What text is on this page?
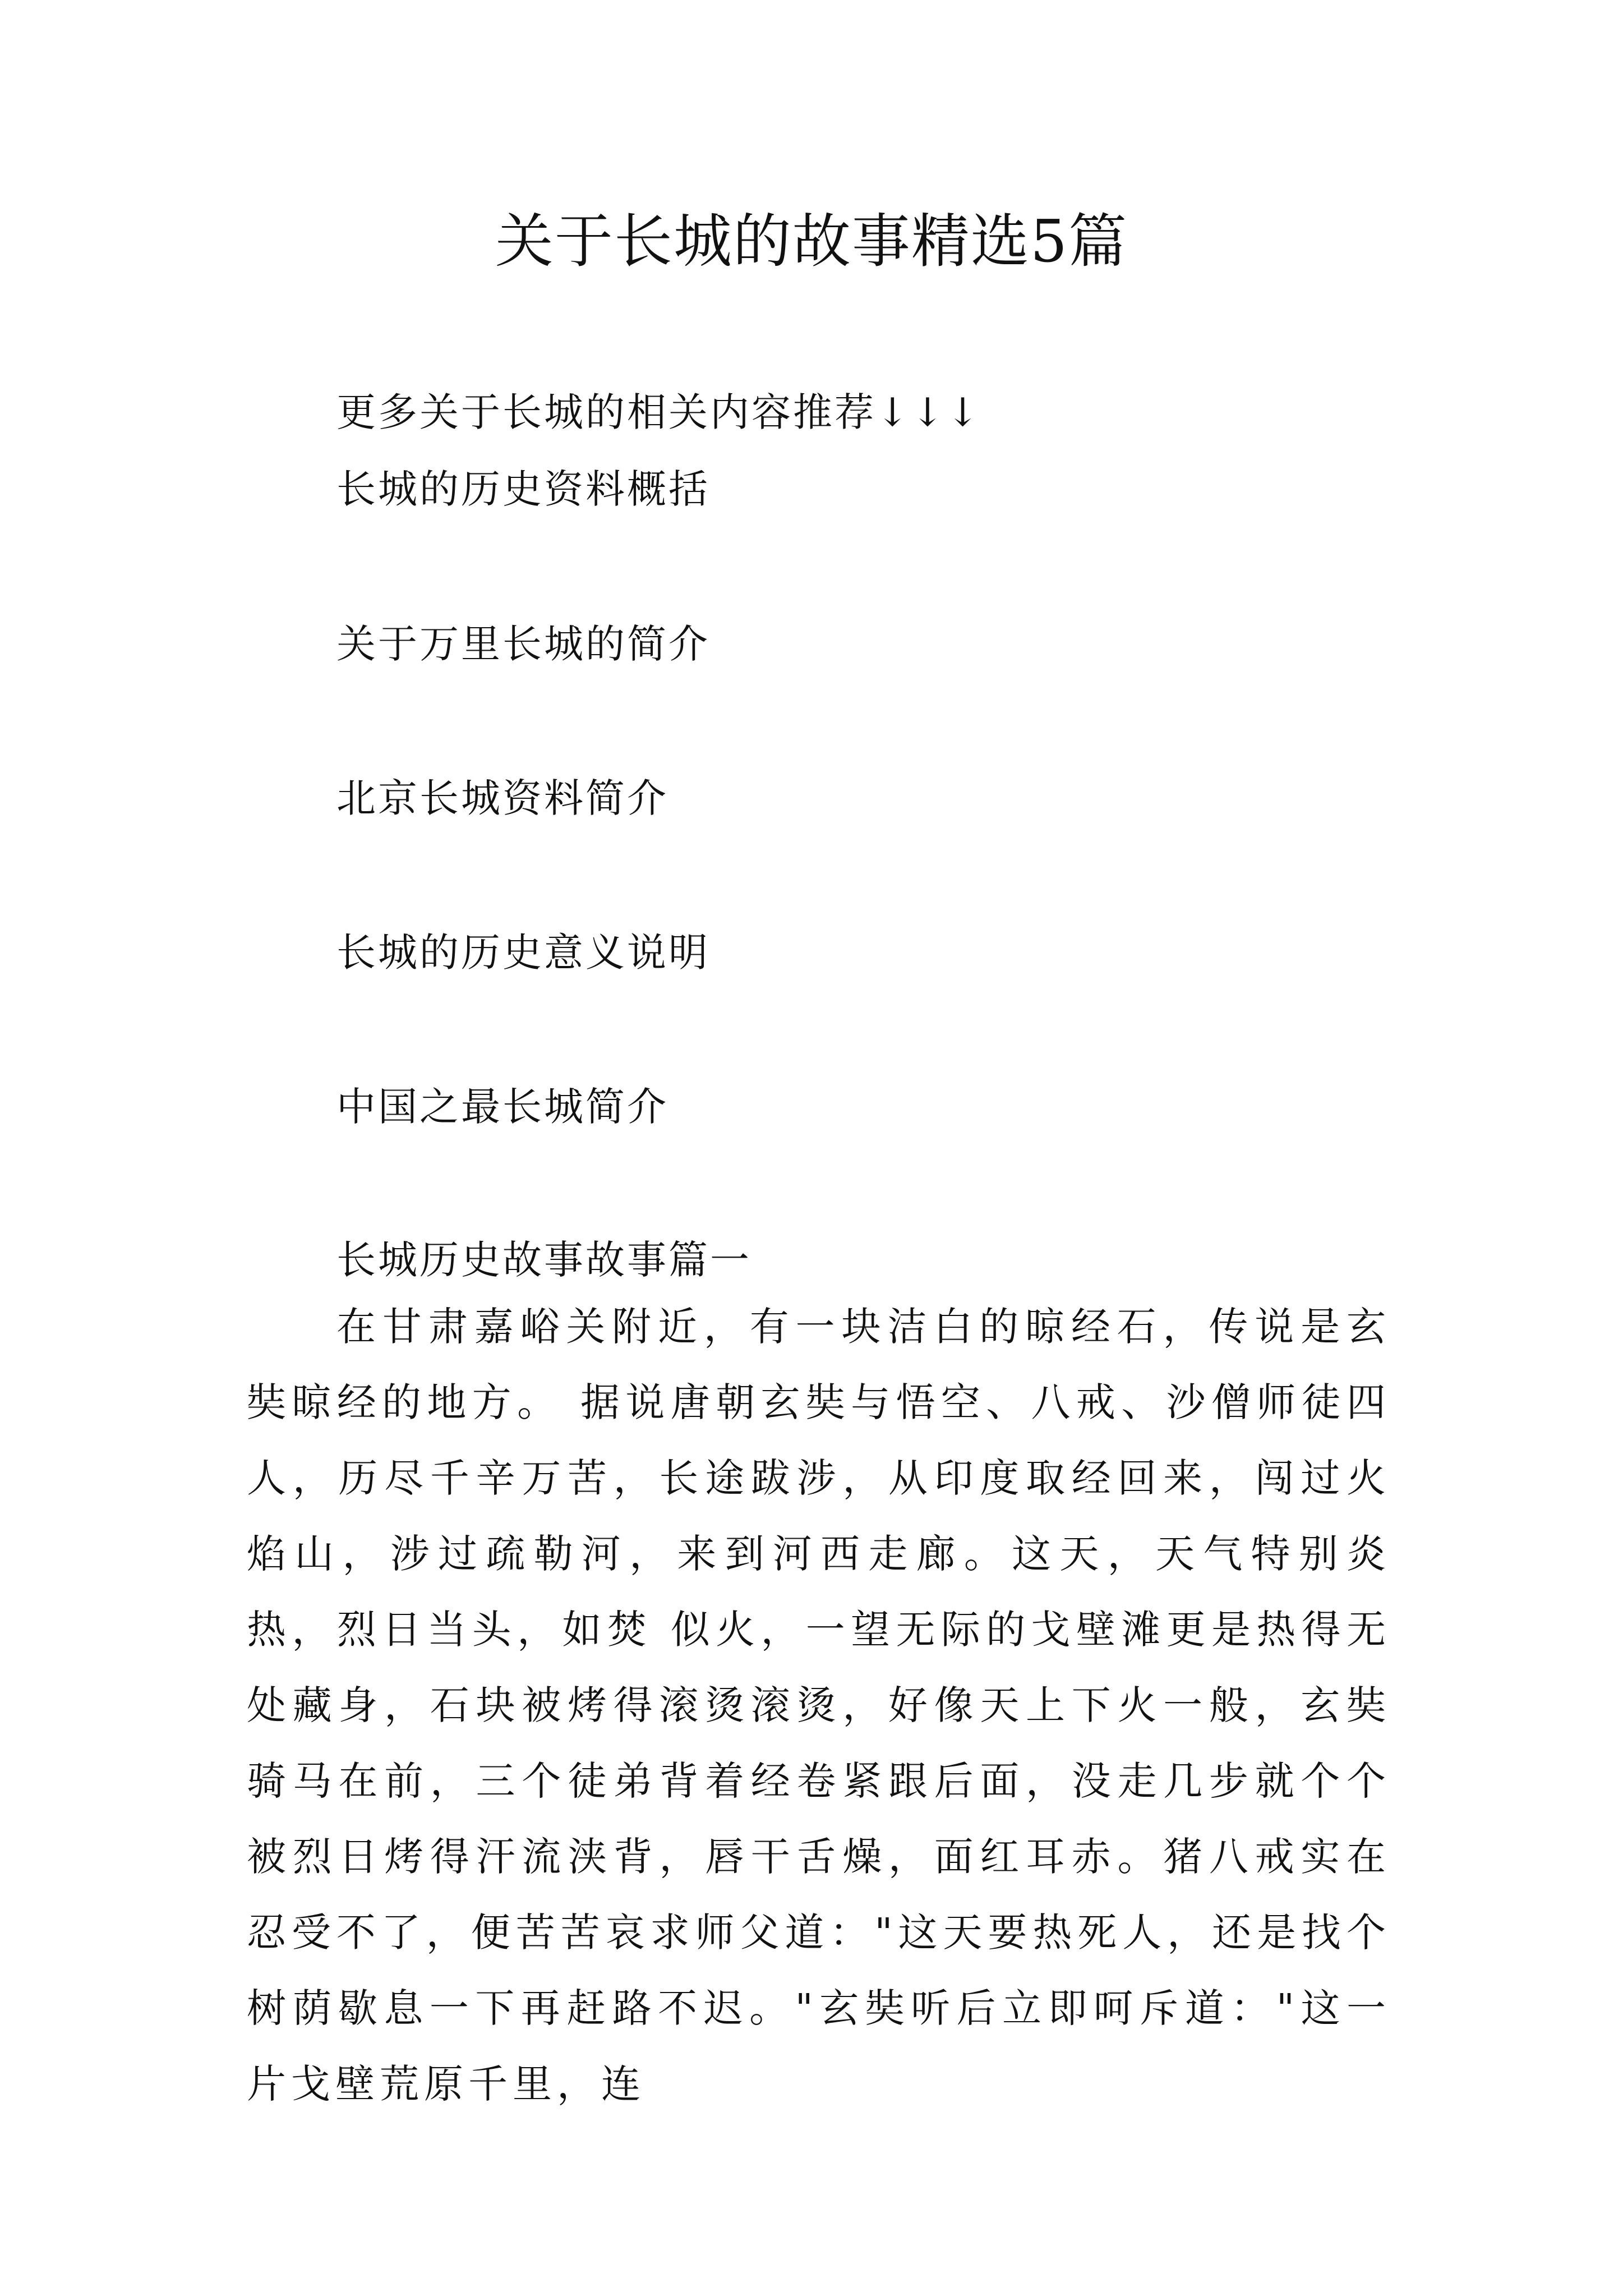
关于长城的故事精选5篇

更多关于长城的相关内容推荐↓↓↓

长城的历史资料概括

关于万里长城的简介

北京长城资料简介

长城的历史意义说明

中国之最长城简介

长城历史故事故事篇一

在甘肃嘉峪关附近，有一块洁白的晾经石，传说是玄奘晾经的地方。 据说唐朝玄奘与悟空、八戒、沙僧师徒四人，历尽千辛万苦，长途跋涉，从印度取经回来，闯过火焰山，涉过疏勒河，来到河西走廊。这天，天气特别炎热，烈日当头，如焚 似火，一望无际的戈壁滩更是热得无处藏身，石块被烤得滚烫滚烫，好像天上下火一般，玄奘骑马在前，三个徒弟背着经卷紧跟后面，没走几步就个个被烈日烤得汗流浃背，唇干舌燥，面红耳赤。猪八戒实在忍受不了，便苦苦哀求师父道："这天要热死人，还是找个树荫歇息一下再赶路不迟。"玄奘听后立即呵斥道："这一片戈壁荒原千里，连
